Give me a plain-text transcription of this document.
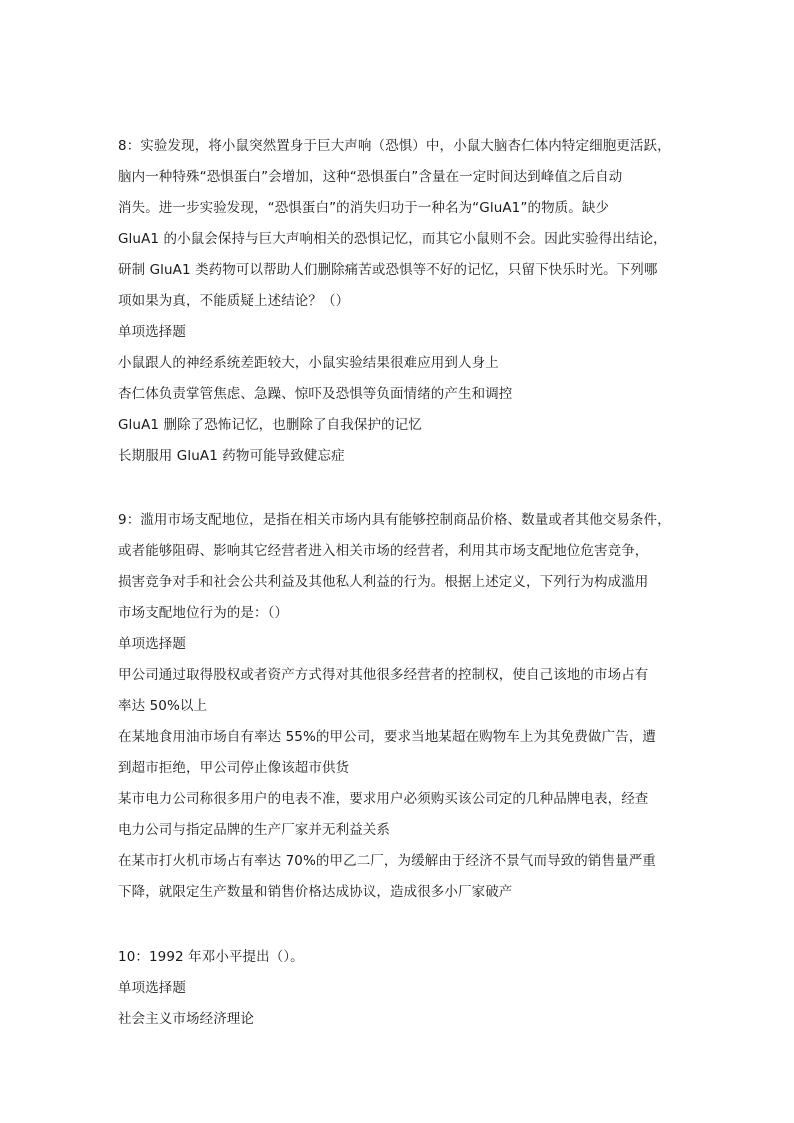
8：实验发现，将小鼠突然置身于巨大声响（恐惧）中，小鼠大脑杏仁体内特定细胞更活跃，
脑内一种特殊“恐惧蛋白”会增加，这种“恐惧蛋白”含量在一定时间达到峰值之后自动
消失。进一步实验发现，“恐惧蛋白”的消失归功于一种名为“GluA1”的物质。缺少
GluA1 的小鼠会保持与巨大声响相关的恐惧记忆，而其它小鼠则不会。因此实验得出结论，
研制 GluA1 类药物可以帮助人们删除痛苦或恐惧等不好的记忆，只留下快乐时光。下列哪
项如果为真，不能质疑上述结论？（）
单项选择题
小鼠跟人的神经系统差距较大，小鼠实验结果很难应用到人身上
杏仁体负责掌管焦虑、急躁、惊吓及恐惧等负面情绪的产生和调控
GluA1 删除了恐怖记忆，也删除了自我保护的记忆
长期服用 GluA1 药物可能导致健忘症
9：滥用市场支配地位，是指在相关市场内具有能够控制商品价格、数量或者其他交易条件，
或者能够阻碍、影响其它经营者进入相关市场的经营者，利用其市场支配地位危害竞争，
损害竞争对手和社会公共利益及其他私人利益的行为。根据上述定义，下列行为构成滥用
市场支配地位行为的是：（）
单项选择题
甲公司通过取得股权或者资产方式得对其他很多经营者的控制权，使自己该地的市场占有
率达 50%以上
在某地食用油市场自有率达 55%的甲公司，要求当地某超在购物车上为其免费做广告，遭
到超市拒绝，甲公司停止像该超市供货
某市电力公司称很多用户的电表不准，要求用户必须购买该公司定的几种品牌电表，经查
电力公司与指定品牌的生产厂家并无利益关系
在某市打火机市场占有率达 70%的甲乙二厂，为缓解由于经济不景气而导致的销售量严重
下降，就限定生产数量和销售价格达成协议，造成很多小厂家破产
10：1992 年邓小平提出（）。
单项选择题
社会主义市场经济理论
